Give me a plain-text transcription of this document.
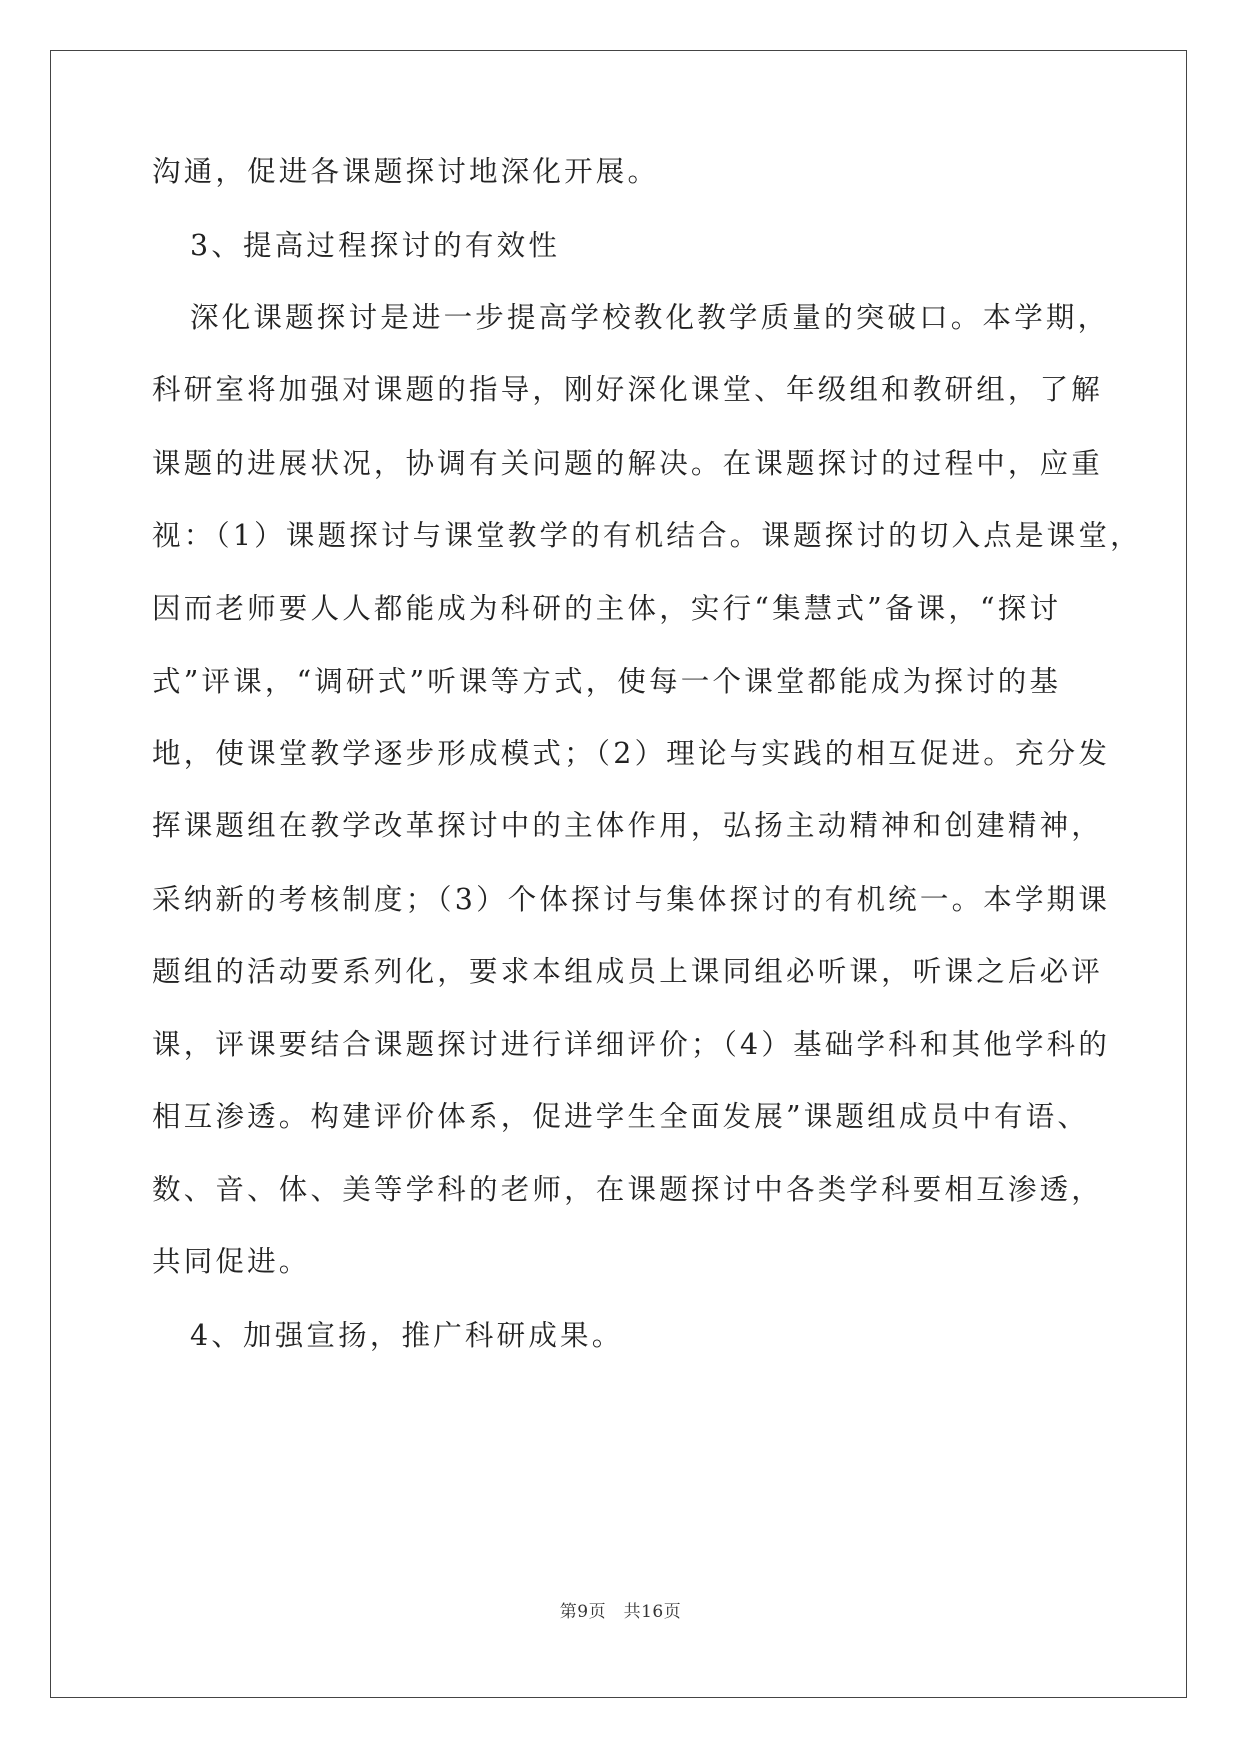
沟通，促进各课题探讨地深化开展。
3、提高过程探讨的有效性
深化课题探讨是进一步提高学校教化教学质量的突破口。本学期，
科研室将加强对课题的指导，刚好深化课堂、年级组和教研组，了解
课题的进展状况，协调有关问题的解决。在课题探讨的过程中，应重
视：（1）课题探讨与课堂教学的有机结合。课题探讨的切入点是课堂，
因而老师要人人都能成为科研的主体，实行“集慧式”备课，“探讨
式”评课，“调研式”听课等方式，使每一个课堂都能成为探讨的基
地，使课堂教学逐步形成模式；（2）理论与实践的相互促进。充分发
挥课题组在教学改革探讨中的主体作用，弘扬主动精神和创建精神，
采纳新的考核制度；（3）个体探讨与集体探讨的有机统一。本学期课
题组的活动要系列化，要求本组成员上课同组必听课，听课之后必评
课，评课要结合课题探讨进行详细评价；（4）基础学科和其他学科的
相互渗透。构建评价体系，促进学生全面发展”课题组成员中有语、
数、音、体、美等学科的老师，在课题探讨中各类学科要相互渗透，
共同促进。
4、加强宣扬，推广科研成果。
第9页　共16页
